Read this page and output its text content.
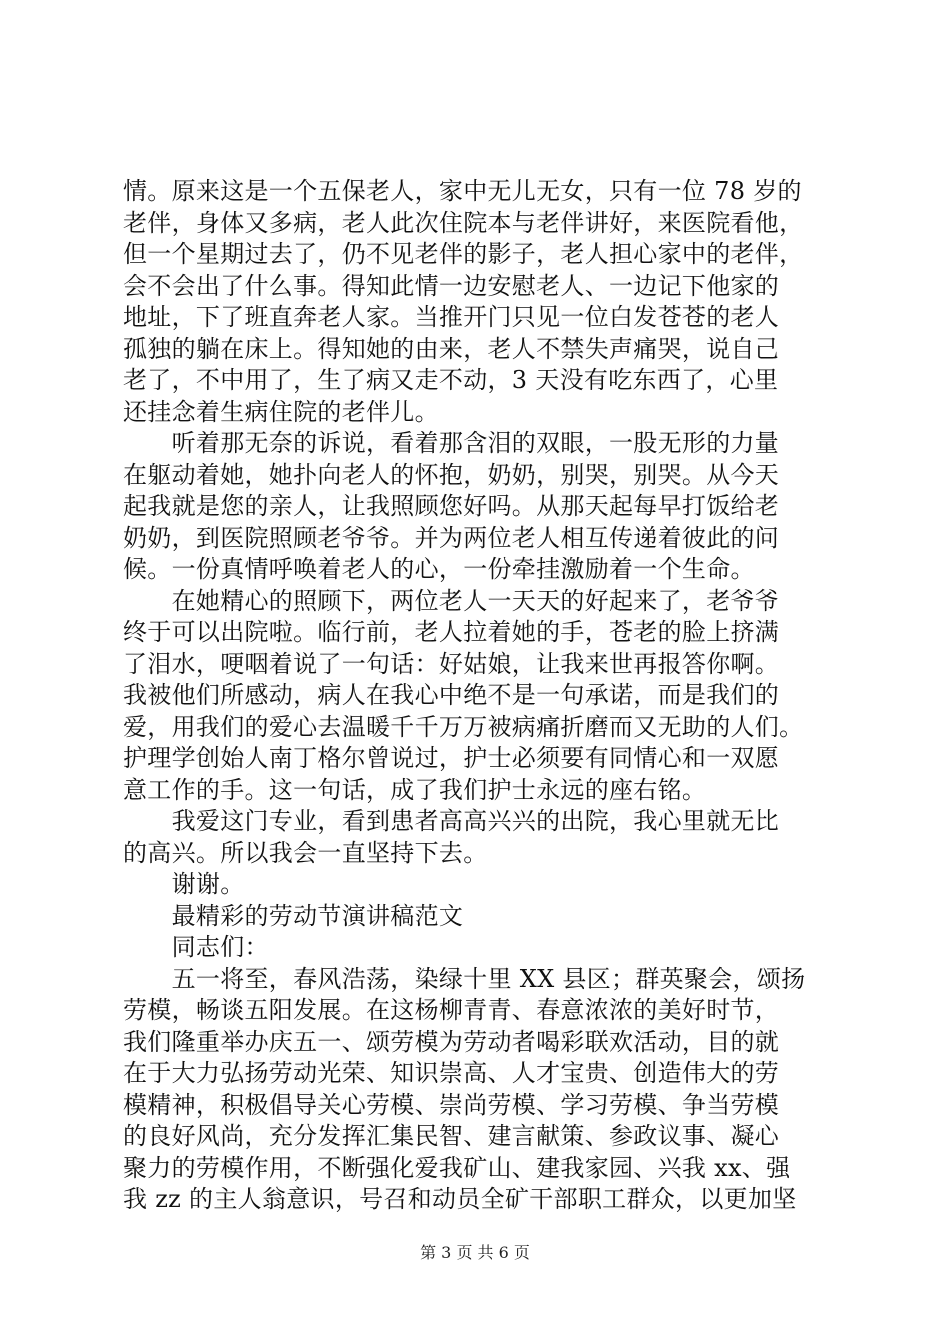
情。原来这是一个五保老人，家中无儿无女，只有一位 78 岁的
老伴，身体又多病，老人此次住院本与老伴讲好，来医院看他，
但一个星期过去了，仍不见老伴的影子，老人担心家中的老伴，
会不会出了什么事。得知此情一边安慰老人、一边记下他家的
地址，下了班直奔老人家。当推开门只见一位白发苍苍的老人
孤独的躺在床上。得知她的由来，老人不禁失声痛哭，说自己
老了，不中用了，生了病又走不动，3 天没有吃东西了，心里
还挂念着生病住院的老伴儿。
　　听着那无奈的诉说，看着那含泪的双眼，一股无形的力量
在躯动着她，她扑向老人的怀抱，奶奶，别哭，别哭。从今天
起我就是您的亲人，让我照顾您好吗。从那天起每早打饭给老
奶奶，到医院照顾老爷爷。并为两位老人相互传递着彼此的问
候。一份真情呼唤着老人的心，一份牵挂激励着一个生命。
　　在她精心的照顾下，两位老人一天天的好起来了，老爷爷
终于可以出院啦。临行前，老人拉着她的手，苍老的脸上挤满
了泪水，哽咽着说了一句话：好姑娘，让我来世再报答你啊。
我被他们所感动，病人在我心中绝不是一句承诺，而是我们的
爱，用我们的爱心去温暖千千万万被病痛折磨而又无助的人们。
护理学创始人南丁格尔曾说过，护士必须要有同情心和一双愿
意工作的手。这一句话，成了我们护士永远的座右铭。
　　我爱这门专业，看到患者高高兴兴的出院，我心里就无比
的高兴。所以我会一直坚持下去。
　　谢谢。
　　最精彩的劳动节演讲稿范文
　　同志们：
　　五一将至，春风浩荡，染绿十里 XX 县区；群英聚会，颂扬
劳模，畅谈五阳发展。在这杨柳青青、春意浓浓的美好时节，
我们隆重举办庆五一、颂劳模为劳动者喝彩联欢活动，目的就
在于大力弘扬劳动光荣、知识崇高、人才宝贵、创造伟大的劳
模精神，积极倡导关心劳模、崇尚劳模、学习劳模、争当劳模
的良好风尚，充分发挥汇集民智、建言献策、参政议事、凝心
聚力的劳模作用，不断强化爱我矿山、建我家园、兴我 xx、强
我 zz 的主人翁意识，号召和动员全矿干部职工群众，以更加坚
第 3 页 共 6 页
